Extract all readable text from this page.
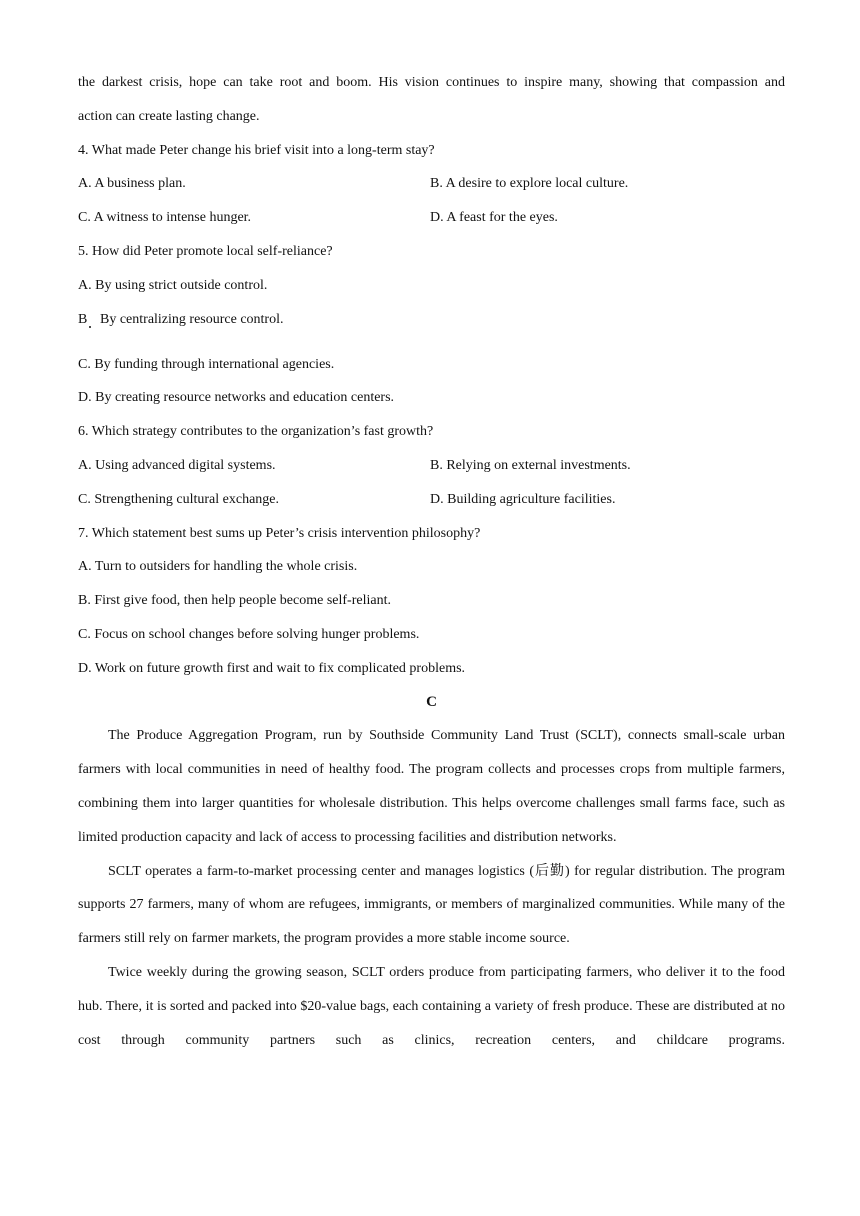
the darkest crisis, hope can take root and boom. His vision continues to inspire many, showing that compassion and
action can create lasting change.
4. What made Peter change his brief visit into a long-term stay?
A. A business plan.	B. A desire to explore local culture.
C. A witness to intense hunger.	D. A feast for the eyes.
5. How did Peter promote local self-reliance?
A. By using strict outside control.
B By centralizing resource control.
C. By funding through international agencies.
D. By creating resource networks and education centers.
6. Which strategy contributes to the organization’s fast growth?
A. Using advanced digital systems.	B. Relying on external investments.
C. Strengthening cultural exchange.	D. Building agriculture facilities.
7. Which statement best sums up Peter’s crisis intervention philosophy?
A. Turn to outsiders for handling the whole crisis.
B. First give food, then help people become self-reliant.
C. Focus on school changes before solving hunger problems.
D. Work on future growth first and wait to fix complicated problems.
C

The Produce Aggregation Program, run by Southside Community Land Trust (SCLT), connects small-scale urban farmers with local communities in need of healthy food. The program collects and processes crops from multiple farmers, combining them into larger quantities for wholesale distribution. This helps overcome challenges small farms face, such as limited production capacity and lack of access to processing facilities and distribution networks.

SCLT operates a farm-to-market processing center and manages logistics (后勤) for regular distribution. The program supports 27 farmers, many of whom are refugees, immigrants, or members of marginalized communities. While many of the farmers still rely on farmer markets, the program provides a more stable income source.

Twice weekly during the growing season, SCLT orders produce from participating farmers, who deliver it to the food hub. There, it is sorted and packed into $20-value bags, each containing a variety of fresh produce. These are distributed at no cost through community partners such as clinics, recreation centers, and childcare programs.
